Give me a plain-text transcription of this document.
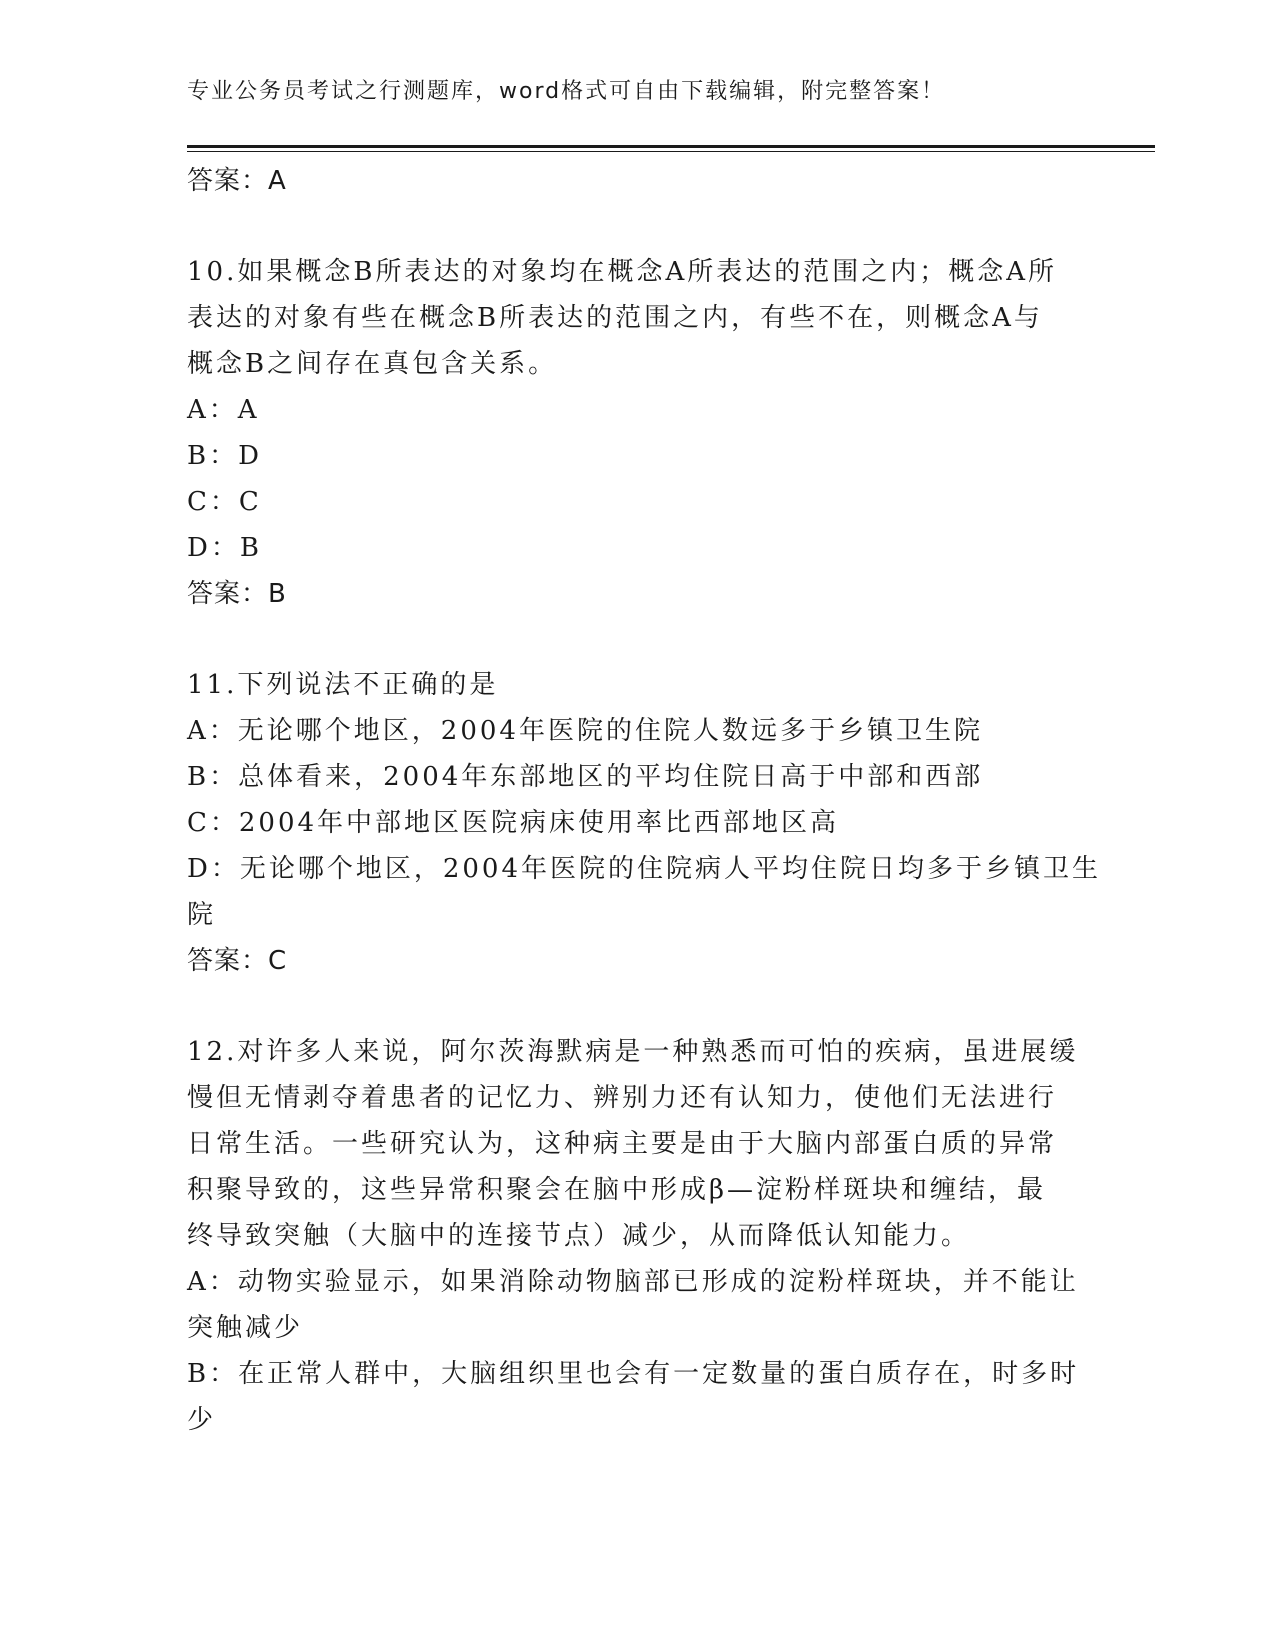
专业公务员考试之行测题库，word格式可自由下载编辑，附完整答案！
答案：A
10.如果概念B所表达的对象均在概念A所表达的范围之内；概念A所
表达的对象有些在概念B所表达的范围之内，有些不在，则概念A与
概念B之间存在真包含关系。
A：A
B：D
C：C
D：B
答案：B
11.下列说法不正确的是
A：无论哪个地区，2004年医院的住院人数远多于乡镇卫生院
B：总体看来，2004年东部地区的平均住院日高于中部和西部
C：2004年中部地区医院病床使用率比西部地区高
D：无论哪个地区，2004年医院的住院病人平均住院日均多于乡镇卫生
院
答案：C
12.对许多人来说，阿尔茨海默病是一种熟悉而可怕的疾病，虽进展缓
慢但无情剥夺着患者的记忆力、辨别力还有认知力，使他们无法进行
日常生活。一些研究认为，这种病主要是由于大脑内部蛋白质的异常
积聚导致的，这些异常积聚会在脑中形成β—淀粉样斑块和缠结，最
终导致突触（大脑中的连接节点）减少，从而降低认知能力。
A：动物实验显示，如果消除动物脑部已形成的淀粉样斑块，并不能让
突触减少
B：在正常人群中，大脑组织里也会有一定数量的蛋白质存在，时多时
少
